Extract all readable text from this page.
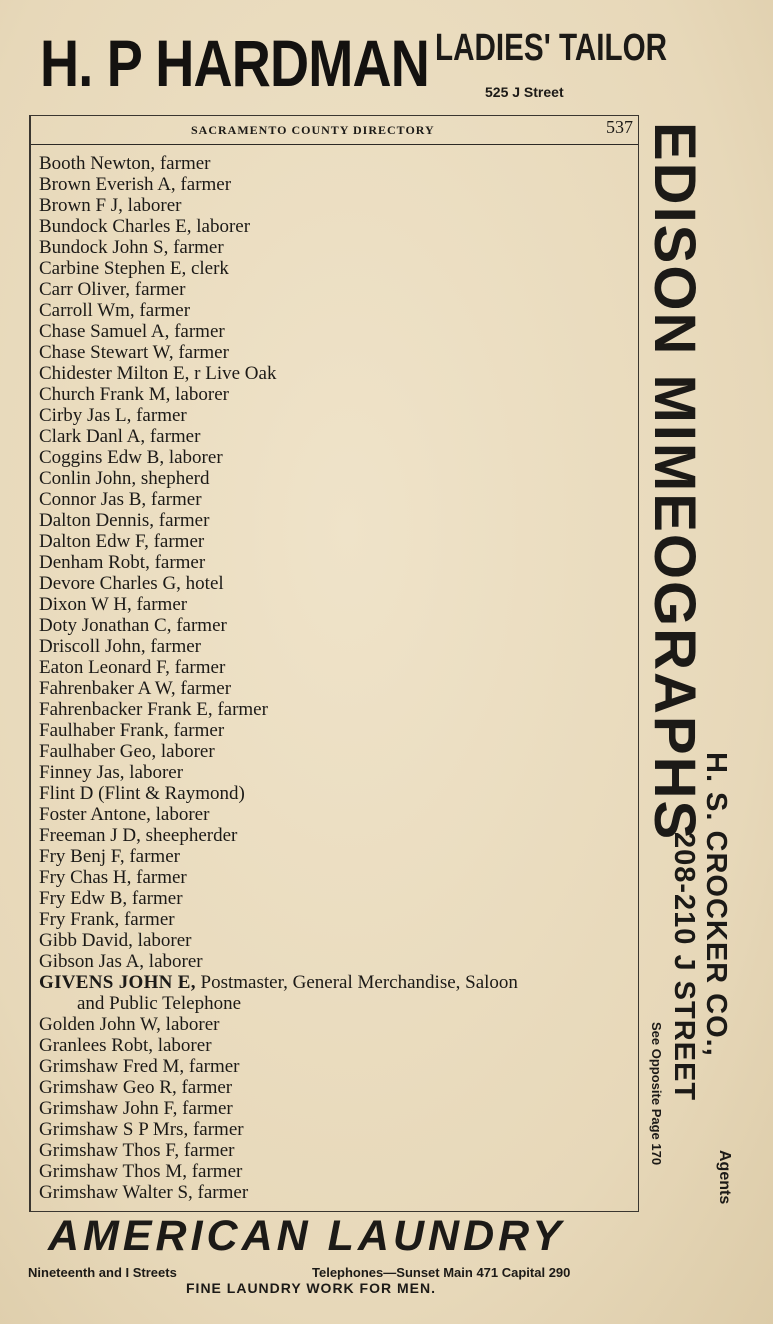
H. P HARDMAN LADIES' TAILOR
525 J Street
SACRAMENTO COUNTY DIRECTORY	537
Booth Newton, farmer
Brown Everish A, farmer
Brown F J, laborer
Bundock Charles E, laborer
Bundock John S, farmer
Carbine Stephen E, clerk
Carr Oliver, farmer
Carroll Wm, farmer
Chase Samuel A, farmer
Chase Stewart W, farmer
Chidester Milton E, r Live Oak
Church Frank M, laborer
Cirby Jas L, farmer
Clark Danl A, farmer
Coggins Edw B, laborer
Conlin John, shepherd
Connor Jas B, farmer
Dalton Dennis, farmer
Dalton Edw F, farmer
Denham Robt, farmer
Devore Charles G, hotel
Dixon W H, farmer
Doty Jonathan C, farmer
Driscoll John, farmer
Eaton Leonard F, farmer
Fahrenbaker A W, farmer
Fahrenbacker Frank E, farmer
Faulhaber Frank, farmer
Faulhaber Geo, laborer
Finney Jas, laborer
Flint D (Flint & Raymond)
Foster Antone, laborer
Freeman J D, sheepherder
Fry Benj F, farmer
Fry Chas H, farmer
Fry Edw B, farmer
Fry Frank, farmer
Gibb David, laborer
Gibson Jas A, laborer
GIVENS JOHN E, Postmaster, General Merchandise, Saloon
and Public Telephone
Golden John W, laborer
Granlees Robt, laborer
Grimshaw Fred M, farmer
Grimshaw Geo R, farmer
Grimshaw John F, farmer
Grimshaw S P Mrs, farmer
Grimshaw Thos F, farmer
Grimshaw Thos M, farmer
Grimshaw Walter S, farmer
EDISON MIMEOGRAPHS
H. S. CROCKER CO.,
Agents
208-210 J STREET
See Opposite Page 170
AMERICAN LAUNDRY
Nineteenth and I Streets	Telephones—Sunset Main 471 Capital 290
FINE LAUNDRY WORK FOR MEN.
